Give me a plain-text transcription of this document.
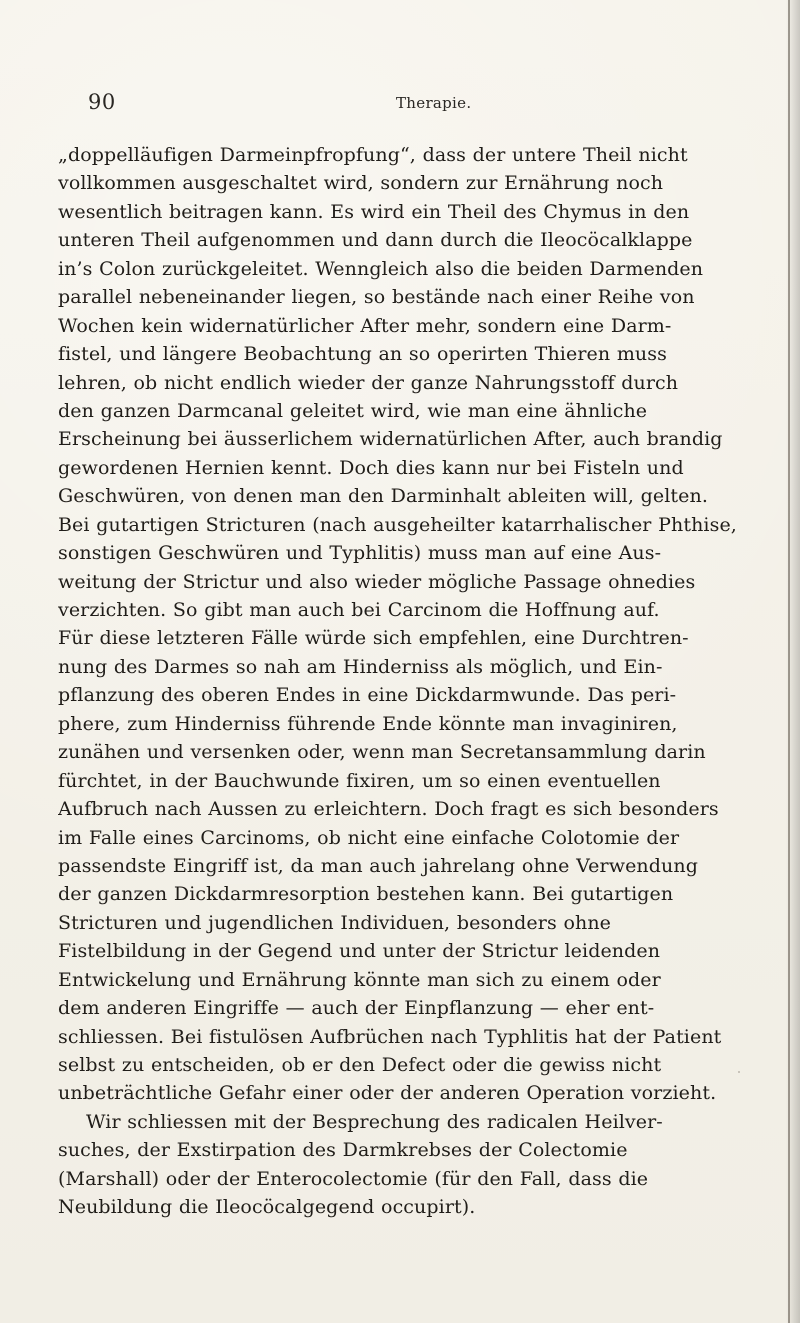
90	Therapie.
„doppelläufigen Darmeinpfropfung“, dass der untere Theil nicht
vollkommen ausgeschaltet wird, sondern zur Ernährung noch
wesentlich beitragen kann. Es wird ein Theil des Chymus in den
unteren Theil aufgenommen und dann durch die Ileocöcalklappe
in’s Colon zurückgeleitet. Wenngleich also die beiden Darmenden
parallel nebeneinander liegen, so bestände nach einer Reihe von
Wochen kein widernatürlicher After mehr, sondern eine Darm-
fistel, und längere Beobachtung an so operirten Thieren muss
lehren, ob nicht endlich wieder der ganze Nahrungsstoff durch
den ganzen Darmcanal geleitet wird, wie man eine ähnliche
Erscheinung bei äusserlichem widernatürlichen After, auch brandig
gewordenen Hernien kennt. Doch dies kann nur bei Fisteln und
Geschwüren, von denen man den Darminhalt ableiten will, gelten.
Bei gutartigen Stricturen (nach ausgeheilter katarrhalischer Phthise,
sonstigen Geschwüren und Typhlitis) muss man auf eine Aus-
weitung der Strictur und also wieder mögliche Passage ohnedies
verzichten. So gibt man auch bei Carcinom die Hoffnung auf.
Für diese letzteren Fälle würde sich empfehlen, eine Durchtren-
nung des Darmes so nah am Hinderniss als möglich, und Ein-
pflanzung des oberen Endes in eine Dickdarmwunde. Das peri-
phere, zum Hinderniss führende Ende könnte man invaginiren,
zunähen und versenken oder, wenn man Secretansammlung darin
fürchtet, in der Bauchwunde fixiren, um so einen eventuellen
Aufbruch nach Aussen zu erleichtern. Doch fragt es sich besonders
im Falle eines Carcinoms, ob nicht eine einfache Colotomie der
passendste Eingriff ist, da man auch jahrelang ohne Verwendung
der ganzen Dickdarmresorption bestehen kann. Bei gutartigen
Stricturen und jugendlichen Individuen, besonders ohne
Fistelbildung in der Gegend und unter der Strictur leidenden
Entwickelung und Ernährung könnte man sich zu einem oder
dem anderen Eingriffe — auch der Einpflanzung — eher ent-
schliessen. Bei fistulösen Aufbrüchen nach Typhlitis hat der Patient
selbst zu entscheiden, ob er den Defect oder die gewiss nicht
unbeträchtliche Gefahr einer oder der anderen Operation vorzieht.
Wir schliessen mit der Besprechung des radicalen Heilver-
suches, der Exstirpation des Darmkrebses der Colectomie
(Marshall) oder der Enterocolectomie (für den Fall, dass die
Neubildung die Ileocöcalgegend occupirt).
